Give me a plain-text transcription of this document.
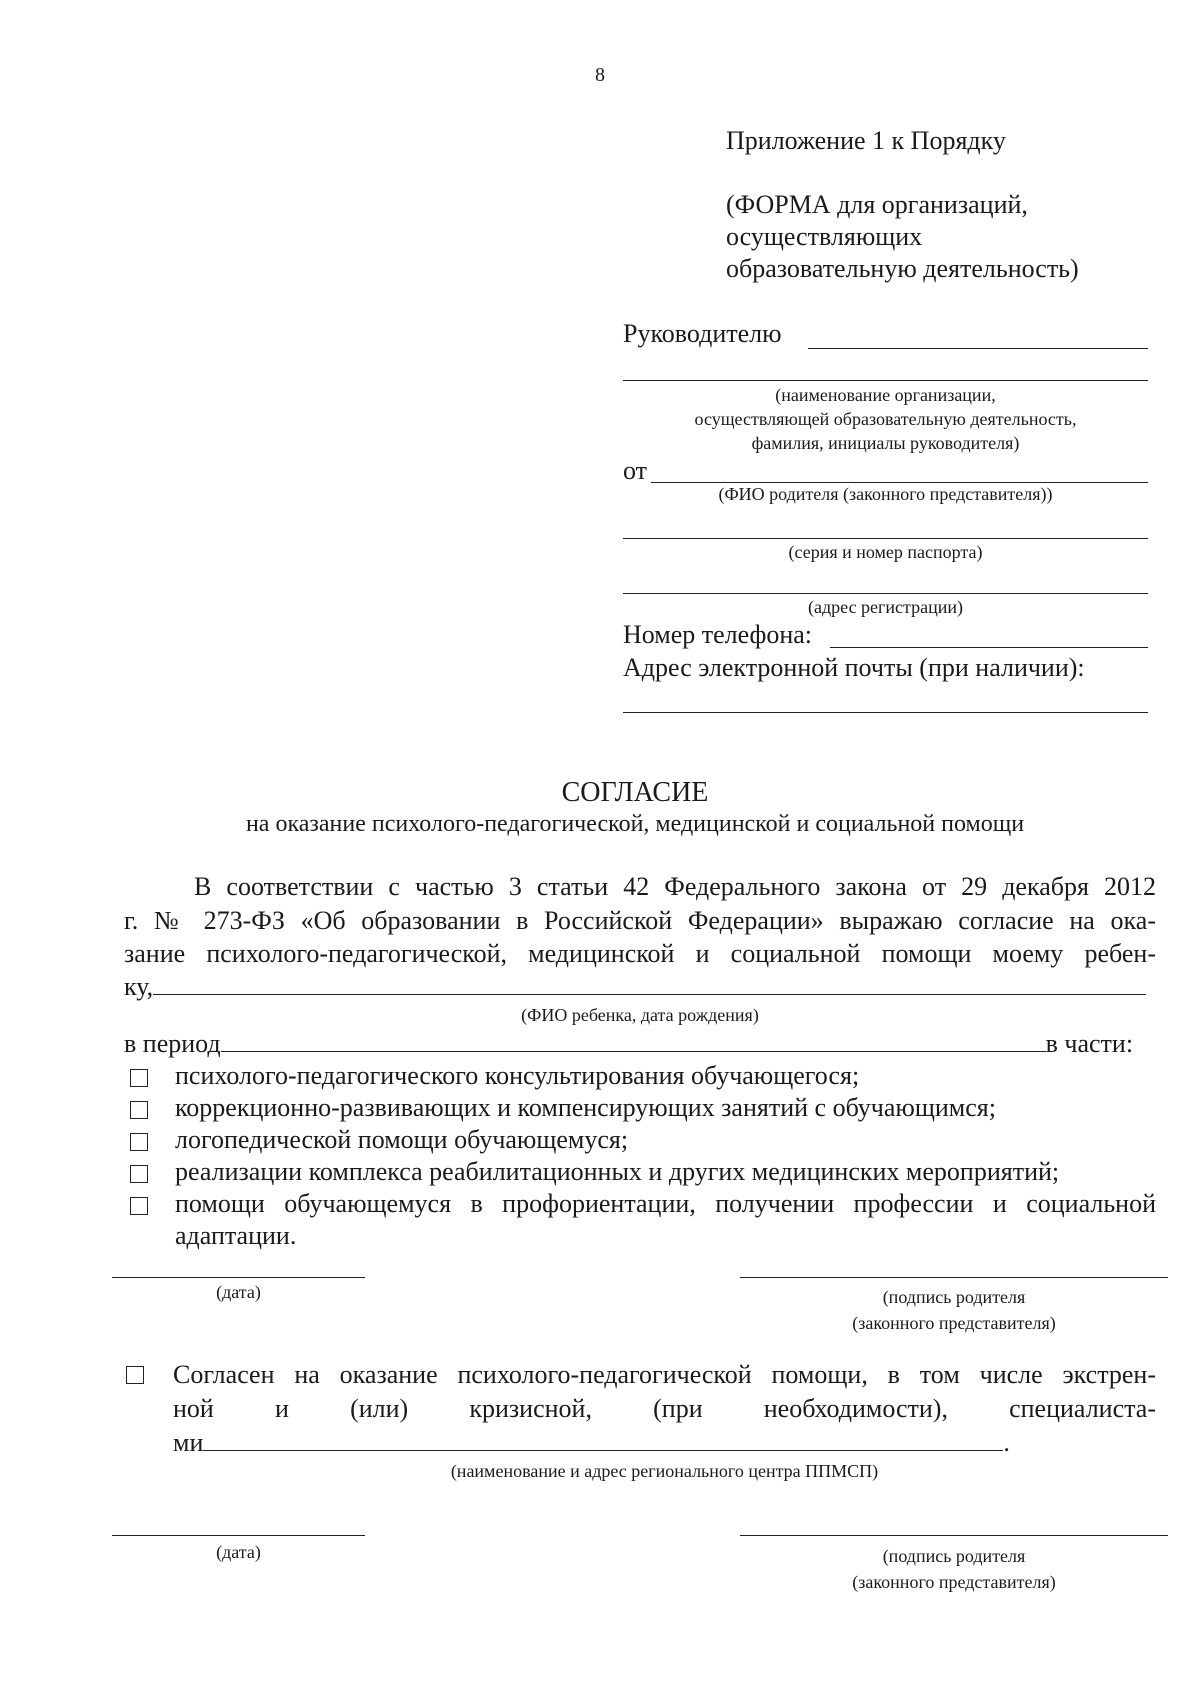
8
Приложение 1 к Порядку
(ФОРМА для организаций,
осуществляющих
образовательную деятельность)
Руководителю
(наименование организации,
осуществляющей образовательную деятельность,
фамилия, инициалы руководителя)
от
(ФИО родителя (законного представителя))
(серия и номер паспорта)
(адрес регистрации)
Номер телефона:
Адрес электронной почты (при наличии):
СОГЛАСИЕ
на оказание психолого-педагогической, медицинской и социальной помощи
В соответствии с частью 3 статьи 42 Федерального закона от 29 декабря 2012
г. № 273-ФЗ «Об образовании в Российской Федерации» выражаю согласие на ока-
зание психолого-педагогической, медицинской и социальной помощи моему ребен-
ку,
(ФИО ребенка, дата рождения)
в период	в части:
психолого-педагогического консультирования обучающегося;
коррекционно-развивающих и компенсирующих занятий с обучающимся;
логопедической помощи обучающемуся;
реализации комплекса реабилитационных и других медицинских мероприятий;
помощи обучающемуся в профориентации, получении профессии и социальной
адаптации.
(дата)	(подпись родителя
(законного представителя)
Согласен на оказание психолого-педагогической помощи, в том числе экстрен-
ной и (или) кризисной, (при необходимости), специалиста-
ми	.
(наименование и адрес регионального центра ППМСП)
(дата)	(подпись родителя
(законного представителя)
